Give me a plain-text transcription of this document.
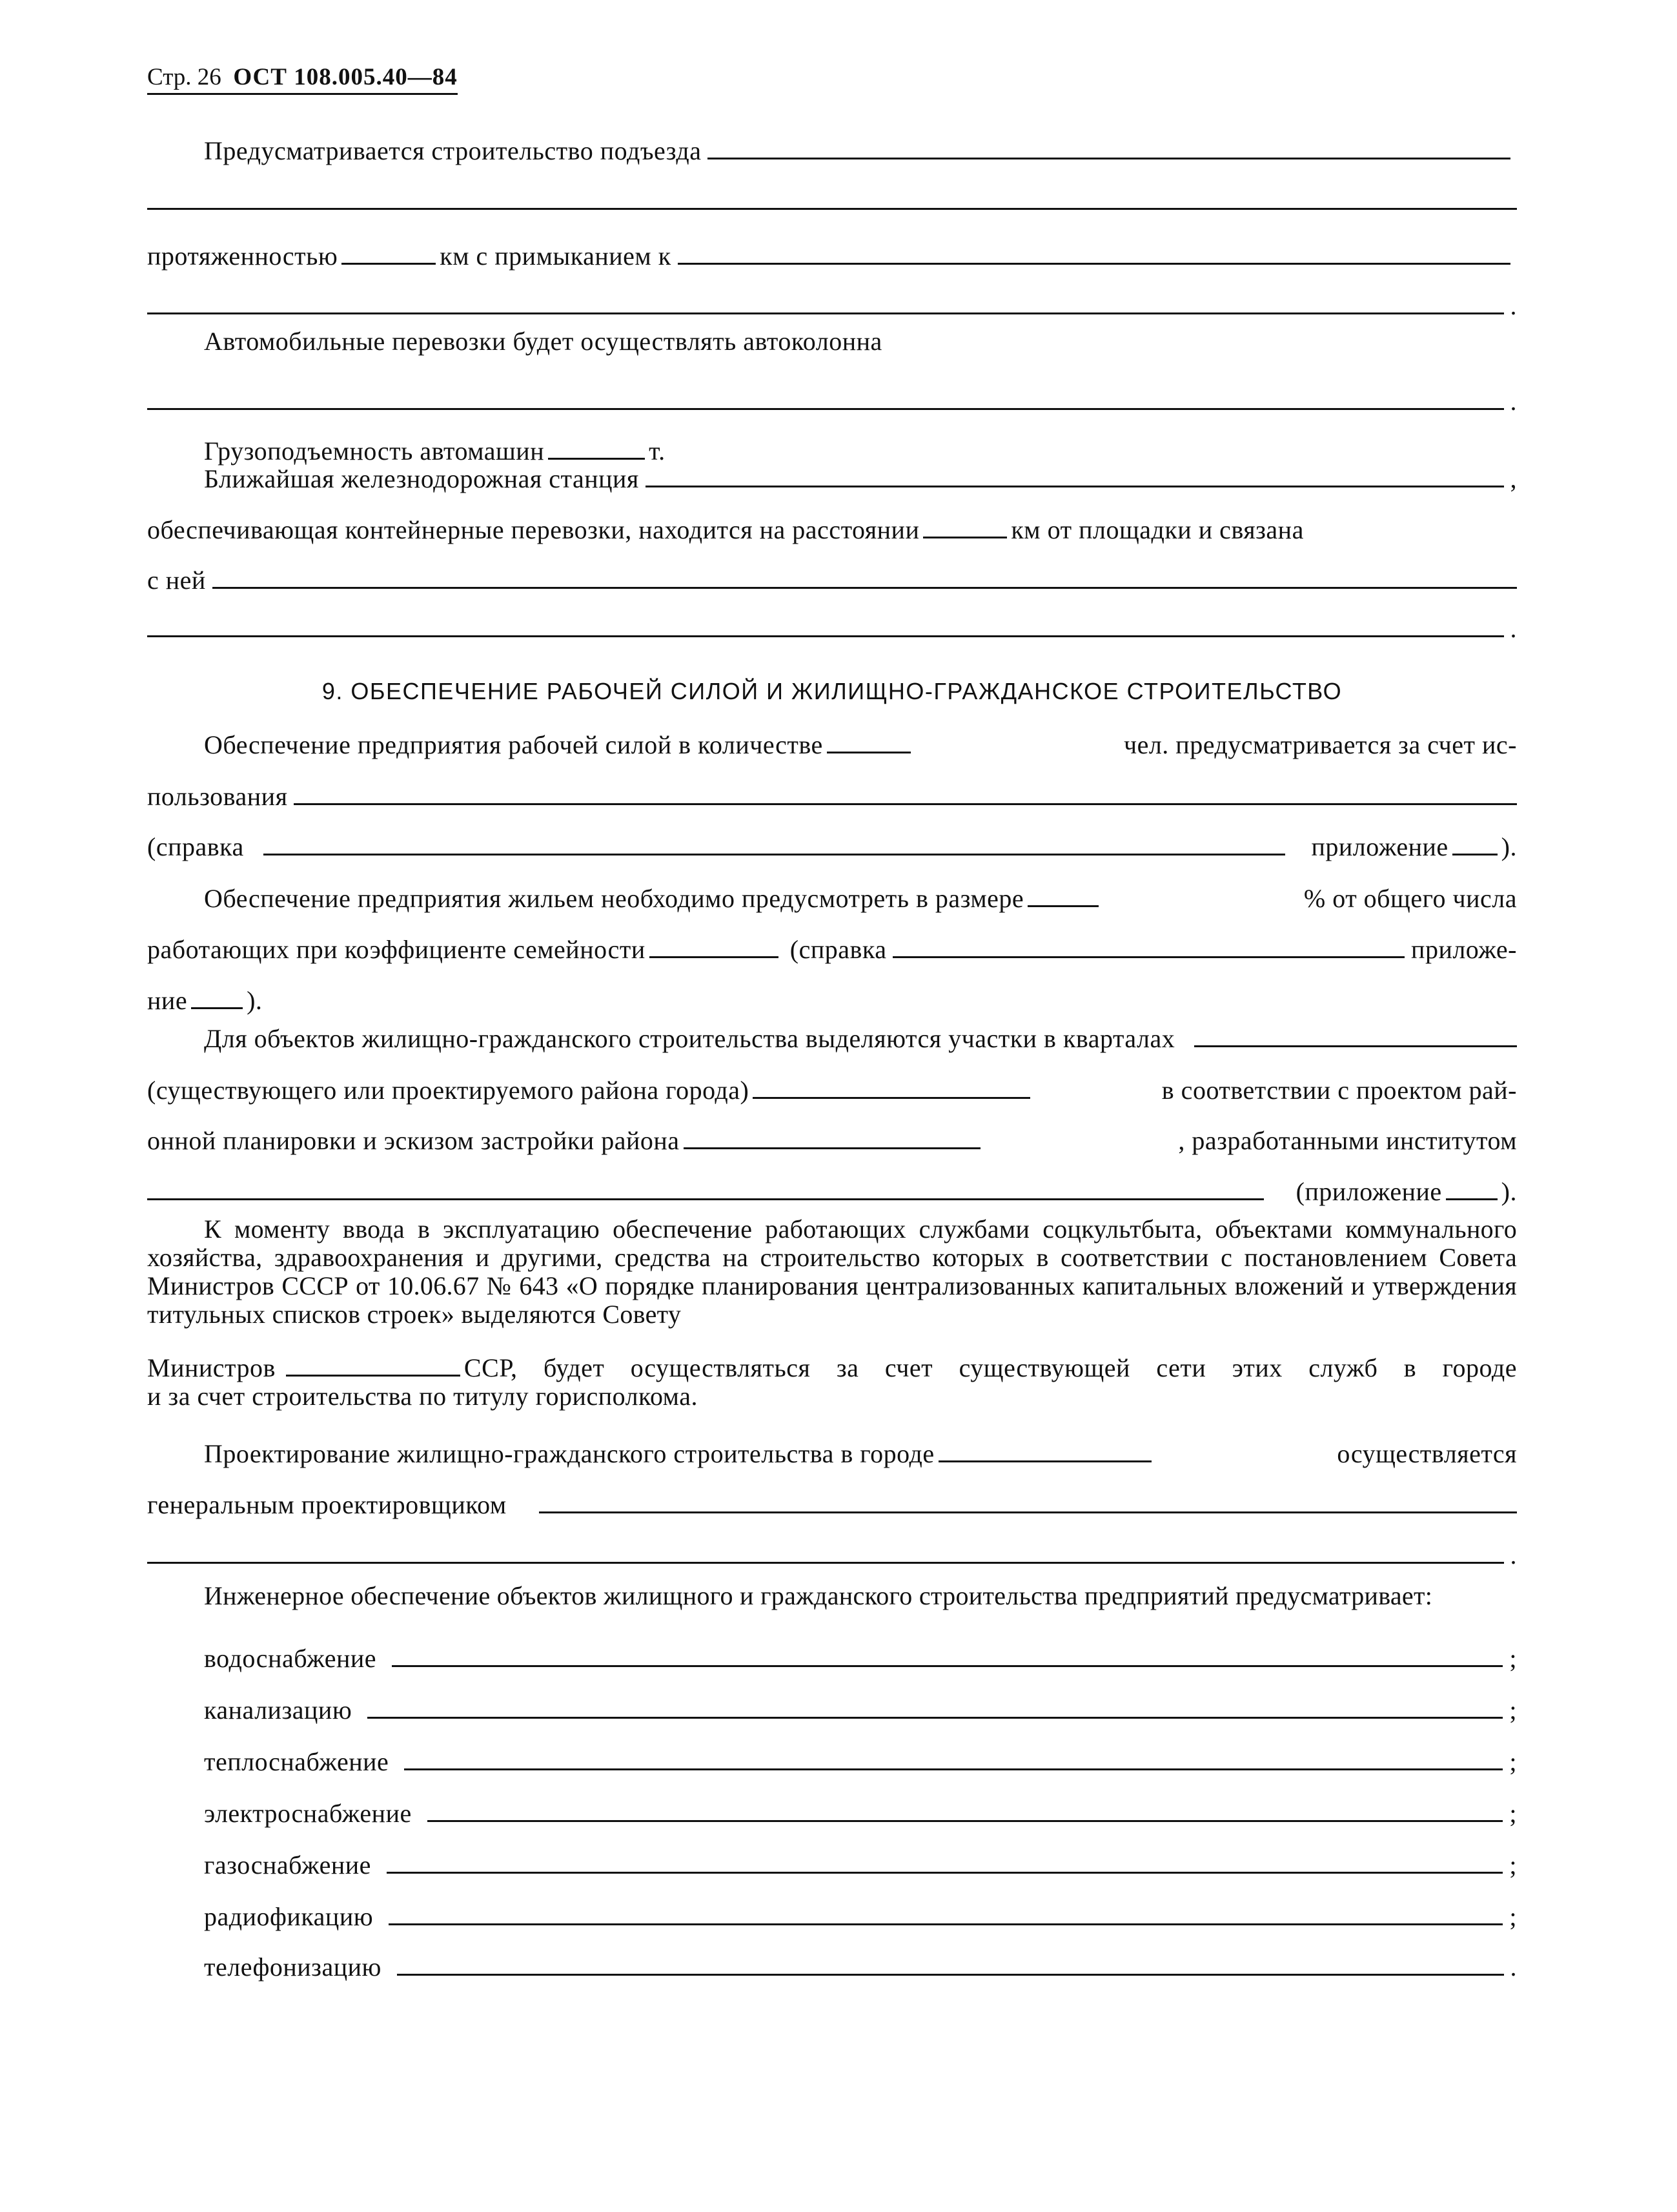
Стр. 26 ОСТ 108.005.40—84
Предусматривается строительство подъезда
протяженностью	км с примыканием к
.
Автомобильные перевозки будет осуществлять автоколонна
.
Грузоподъемность автомашин	т.
Ближайшая железнодорожная станция	,
обеспечивающая контейнерные перевозки, находится на расстоянии	км от площадки и связана
с ней
.
9. ОБЕСПЕЧЕНИЕ РАБОЧЕЙ СИЛОЙ И ЖИЛИЩНО-ГРАЖДАНСКОЕ СТРОИТЕЛЬСТВО
Обеспечение предприятия рабочей силой в количестве	чел. предусматривается за счет ис-
пользования
(справка	приложение ).
Обеспечение предприятия жильем необходимо предусмотреть в размере	% от общего числа
работающих при коэффициенте семейности	(справка	приложе-
ние ).
Для объектов жилищно-гражданского строительства выделяются участки в кварталах
(существующего или проектируемого района города)	в соответствии с проектом рай-
онной планировки и эскизом застройки района	, разработанными институтом
(приложение ).
К моменту ввода в эксплуатацию обеспечение работающих службами соцкультбыта, объектами коммунального хозяйства, здравоохранения и другими, средства на строительство которых в соответствии с постановлением Совета Министров СССР от 10.06.67 № 643 «О порядке планирования централизованных капитальных вложений и утверждения титульных списков строек» выделяются Совету
Министров	ССР, будет осуществляться за счет существующей сети этих служб в городе
и за счет строительства по титулу горисполкома.
Проектирование жилищно-гражданского строительства в городе	осуществляется
генеральным проектировщиком
.
Инженерное обеспечение объектов жилищного и гражданского строительства предприятий предусматривает:
водоснабжение	;
канализацию	;
теплоснабжение	;
электроснабжение	;
газоснабжение	;
радиофикацию	;
телефонизацию	.
